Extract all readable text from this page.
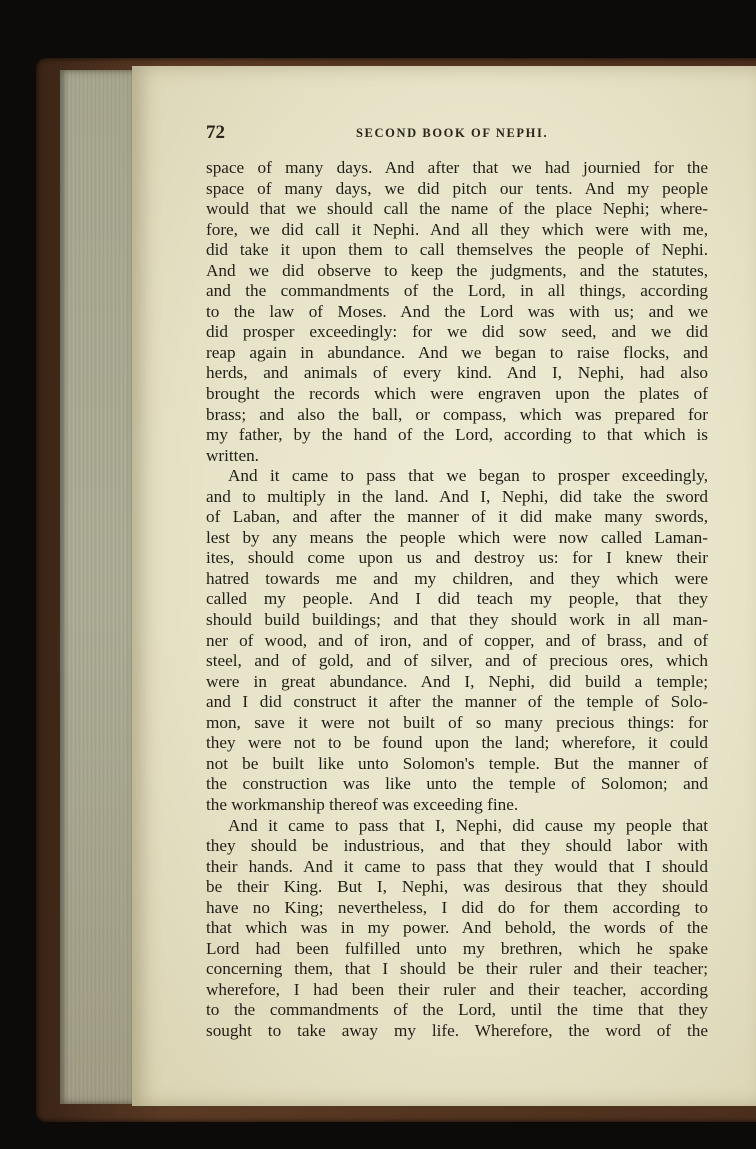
72	SECOND BOOK OF NEPHI.
space of many days. And after that we had journied for the
space of many days, we did pitch our tents. And my people
would that we should call the name of the place Nephi; where-
fore, we did call it Nephi. And all they which were with me,
did take it upon them to call themselves the people of Nephi.
And we did observe to keep the judgments, and the statutes,
and the commandments of the Lord, in all things, according
to the law of Moses. And the Lord was with us; and we
did prosper exceedingly: for we did sow seed, and we did
reap again in abundance. And we began to raise flocks, and
herds, and animals of every kind. And I, Nephi, had also
brought the records which were engraven upon the plates of
brass; and also the ball, or compass, which was prepared for
my father, by the hand of the Lord, according to that which is
written.
And it came to pass that we began to prosper exceedingly,
and to multiply in the land. And I, Nephi, did take the sword
of Laban, and after the manner of it did make many swords,
lest by any means the people which were now called Laman-
ites, should come upon us and destroy us: for I knew their
hatred towards me and my children, and they which were
called my people. And I did teach my people, that they
should build buildings; and that they should work in all man-
ner of wood, and of iron, and of copper, and of brass, and of
steel, and of gold, and of silver, and of precious ores, which
were in great abundance. And I, Nephi, did build a temple;
and I did construct it after the manner of the temple of Solo-
mon, save it were not built of so many precious things: for
they were not to be found upon the land; wherefore, it could
not be built like unto Solomon's temple. But the manner of
the construction was like unto the temple of Solomon; and
the workmanship thereof was exceeding fine.
And it came to pass that I, Nephi, did cause my people that
they should be industrious, and that they should labor with
their hands. And it came to pass that they would that I should
be their King. But I, Nephi, was desirous that they should
have no King; nevertheless, I did do for them according to
that which was in my power. And behold, the words of the
Lord had been fulfilled unto my brethren, which he spake
concerning them, that I should be their ruler and their teacher;
wherefore, I had been their ruler and their teacher, according
to the commandments of the Lord, until the time that they
sought to take away my life. Wherefore, the word of the
